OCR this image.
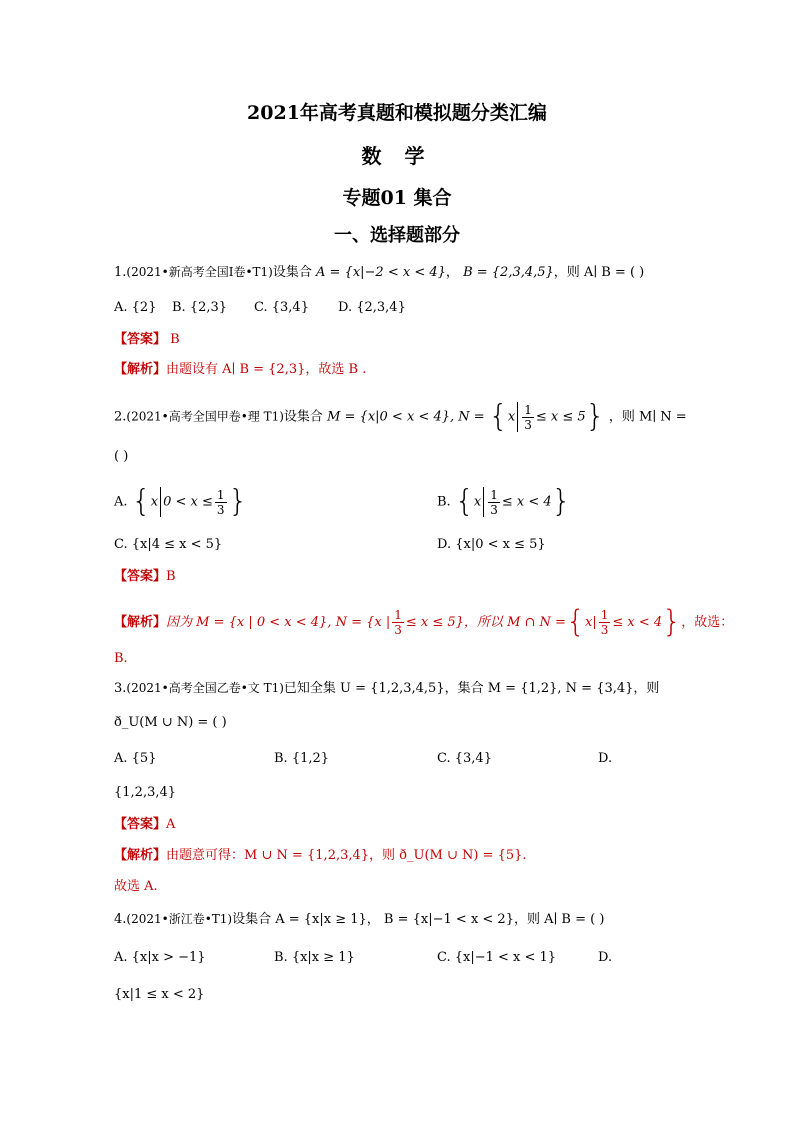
2021年高考真题和模拟题分类汇编
数 学
专题01 集合
一、选择题部分
1.(2021•新高考全国Ⅰ卷•T1)设集合 A = {x|−2 < x < 4}， B = {2,3,4,5}，则 A∣ B = ( )
A. {2} B. {2,3} C. {3,4} D. {2,3,4}
【答案】 B
【解析】由题设有 A∣ B = {2,3}，故选 B .
2.(2021•高考全国甲卷•理 T1)设集合 M = {x|0 < x < 4}, $N = \{x \frac{1}{3} \le x \le 5\}$ ，则 M∣ N =
( )
A. {x $0 < x \le \frac{1}{3}$ }	B. $\{x \frac{1}{3} \le x < 4\}$
C. {x|4 ≤ x < 5}	D. {x|0 < x ≤ 5}
【答案】B
【解析】因为 M = {x | 0 < x < 4}, N = {x | $\frac{1}{3} \le x \le 5$}，所以 M ∩ $N =\{x| \frac{1}{3} \le x < 4\}$，故选：
B.
3.(2021•高考全国乙卷•文 T1)已知全集 U = {1,2,3,4,5}，集合 M = {1,2}, N = {3,4}，则
ð_U(M ∪ N) = ( )
A. {5}	B. {1,2}	C. {3,4}	D.
{1,2,3,4}
【答案】A
【解析】由题意可得：M ∪ N = {1,2,3,4}，则 ð_U(M ∪ N) = {5}.
故选 A.
4.(2021•浙江卷•T1)设集合 A = {x|x ≥ 1}， B = {x|−1 < x < 2}，则 A∣ B = ( )
A. {x|x > −1}	B. {x|x ≥ 1}	C. {x|−1 < x < 1}	D.
{x|1 ≤ x < 2}
